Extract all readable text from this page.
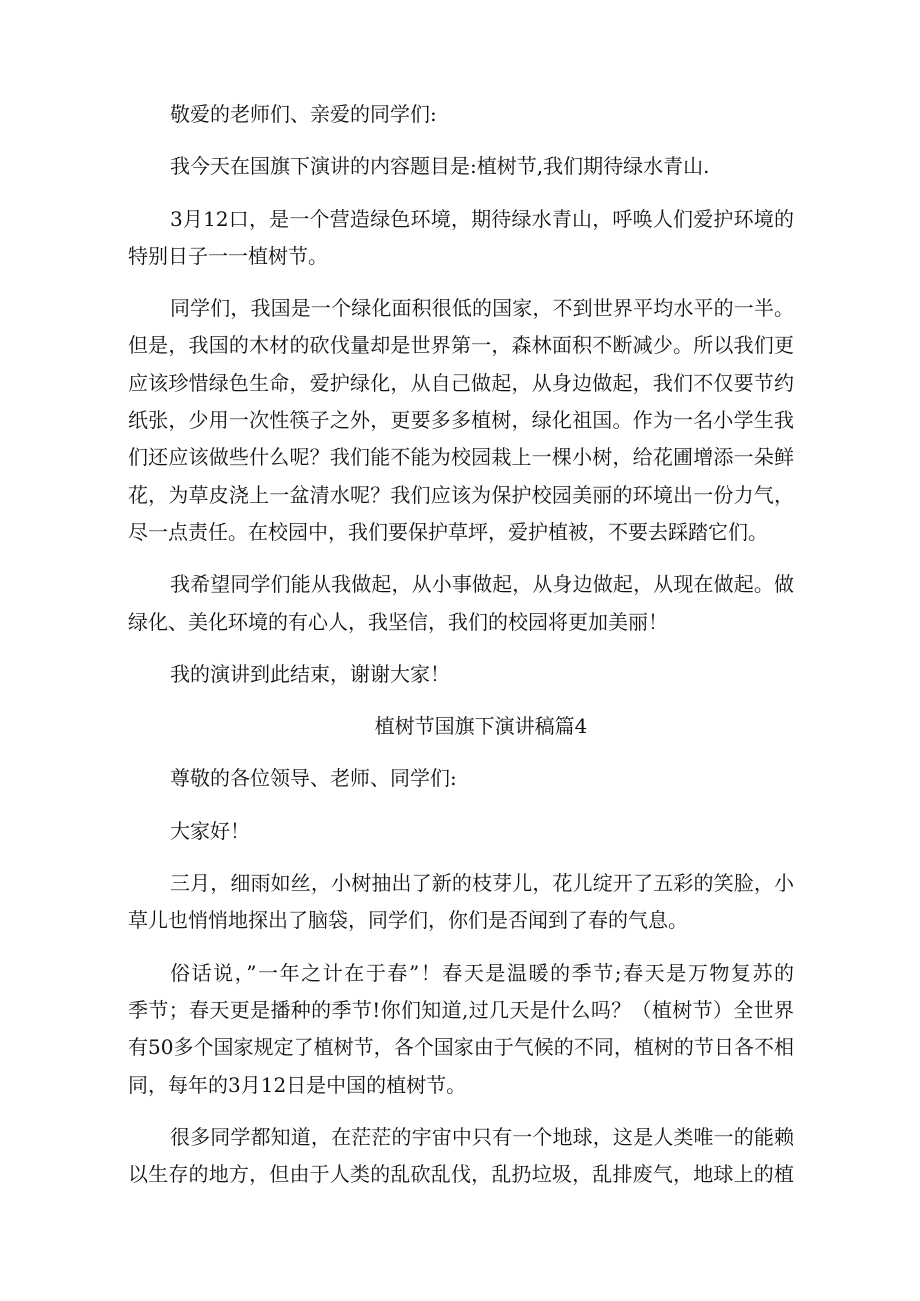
敬爱的老师们、亲爱的同学们:

我今天在国旗下演讲的内容题目是:植树节,我们期待绿水青山.

3月12口，是一个营造绿色环境，期待绿水青山，呼唤人们爱护环境的

特别日子一一植树节。

同学们，我国是一个绿化面积很低的国家，不到世界平均水平的一半。

但是，我国的木材的砍伐量却是世界第一，森林面积不断减少。所以我们更

应该珍惜绿色生命，爱护绿化，从自己做起，从身边做起，我们不仅要节约

纸张，少用一次性筷子之外，更要多多植树，绿化祖国。作为一名小学生我

们还应该做些什么呢？我们能不能为校园栽上一棵小树，给花圃增添一朵鲜

花，为草皮浇上一盆清水呢？我们应该为保护校园美丽的环境出一份力气，

尽一点责任。在校园中，我们要保护草坪，爱护植被，不要去踩踏它们。

我希望同学们能从我做起，从小事做起，从身边做起，从现在做起。做

绿化、美化环境的有心人，我坚信，我们的校园将更加美丽！

我的演讲到此结束，谢谢大家！

植树节国旗下演讲稿篇4

尊敬的各位领导、老师、同学们:

大家好！

三月，细雨如丝，小树抽出了新的枝芽儿，花儿绽开了五彩的笑脸，小

草儿也悄悄地探出了脑袋，同学们，你们是否闻到了春的气息。

俗话说，”一年之计在于春”！春天是温暖的季节;春天是万物复苏的

季节；春天更是播种的季节!你们知道,过几天是什么吗？（植树节）全世界

有50多个国家规定了植树节，各个国家由于气候的不同，植树的节日各不相

同，每年的3月12日是中国的植树节。

很多同学都知道，在茫茫的宇宙中只有一个地球，这是人类唯一的能赖

以生存的地方，但由于人类的乱砍乱伐，乱扔垃圾，乱排废气，地球上的植
